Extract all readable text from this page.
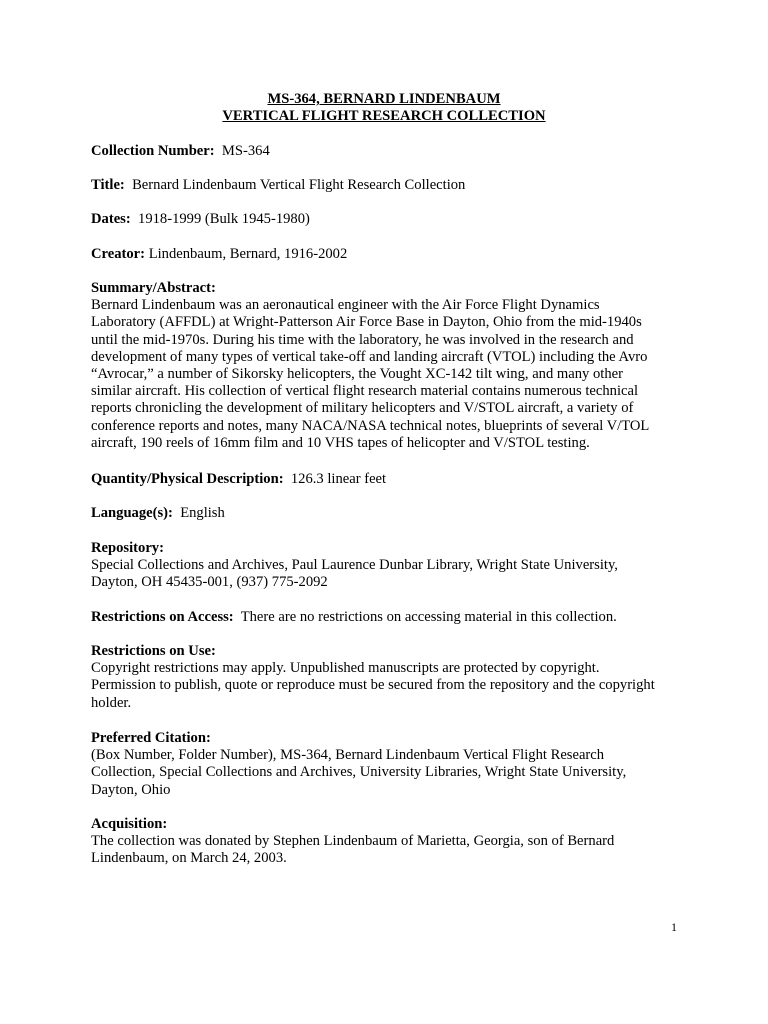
MS-364, BERNARD LINDENBAUM
VERTICAL FLIGHT RESEARCH COLLECTION
Collection Number: MS-364
Title: Bernard Lindenbaum Vertical Flight Research Collection
Dates: 1918-1999 (Bulk 1945-1980)
Creator: Lindenbaum, Bernard, 1916-2002
Summary/Abstract:
Bernard Lindenbaum was an aeronautical engineer with the Air Force Flight Dynamics
Laboratory (AFFDL) at Wright-Patterson Air Force Base in Dayton, Ohio from the mid-1940s
until the mid-1970s. During his time with the laboratory, he was involved in the research and
development of many types of vertical take-off and landing aircraft (VTOL) including the Avro
“Avrocar,” a number of Sikorsky helicopters, the Vought XC-142 tilt wing, and many other
similar aircraft. His collection of vertical flight research material contains numerous technical
reports chronicling the development of military helicopters and V/STOL aircraft, a variety of
conference reports and notes, many NACA/NASA technical notes, blueprints of several V/TOL
aircraft, 190 reels of 16mm film and 10 VHS tapes of helicopter and V/STOL testing.
Quantity/Physical Description: 126.3 linear feet
Language(s): English
Repository:
Special Collections and Archives, Paul Laurence Dunbar Library, Wright State University,
Dayton, OH 45435-001, (937) 775-2092
Restrictions on Access: There are no restrictions on accessing material in this collection.
Restrictions on Use:
Copyright restrictions may apply. Unpublished manuscripts are protected by copyright.
Permission to publish, quote or reproduce must be secured from the repository and the copyright
holder.
Preferred Citation:
(Box Number, Folder Number), MS-364, Bernard Lindenbaum Vertical Flight Research
Collection, Special Collections and Archives, University Libraries, Wright State University,
Dayton, Ohio
Acquisition:
The collection was donated by Stephen Lindenbaum of Marietta, Georgia, son of Bernard
Lindenbaum, on March 24, 2003.
1
